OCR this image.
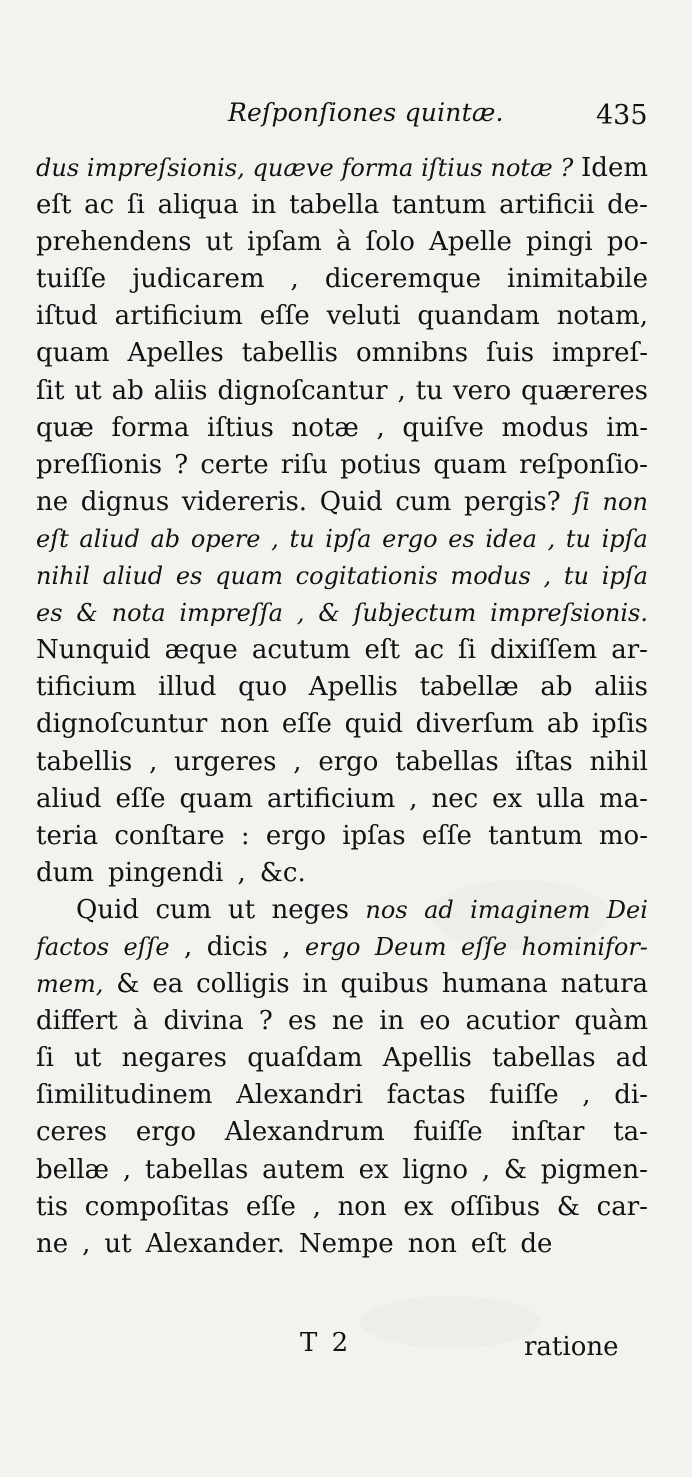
Reſponſiones quintæ.	435
dus impreſsionis, quæve forma iſtius notæ ? Idem
eſt ac ſi aliqua in tabella tantum artificii de-
prehendens ut ipſam à ſolo Apelle pingi po-
tuiſſe judicarem , diceremque inimitabile
iſtud artificium eſſe veluti quandam notam,
quam Apelles tabellis omnibns ſuis impreſ-
ſit ut ab aliis dignoſcantur , tu vero quæreres
quæ forma iſtius notæ , quiſve modus im-
preſſionis ? certe riſu potius quam reſponſio-
ne dignus videreris. Quid cum pergis? ſi non
eſt aliud ab opere , tu ipſa ergo es idea , tu ipſa
nihil aliud es quam cogitationis modus , tu ipſa
es & nota impreſſa , & ſubjectum impreſsionis.
Nunquid æque acutum eſt ac ſi dixiſſem ar-
tificium illud quo Apellis tabellæ ab aliis
dignoſcuntur non eſſe quid diverſum ab ipſis
tabellis , urgeres , ergo tabellas iſtas nihil
aliud eſſe quam artificium , nec ex ulla ma-
teria conſtare : ergo ipſas eſſe tantum mo-
dum pingendi , &c.
Quid cum ut neges nos ad imaginem Dei
factos eſſe , dicis , ergo Deum eſſe hominifor-
mem, & ea colligis in quibus humana natura
differt à divina ? es ne in eo acutior quàm
ſi ut negares quaſdam Apellis tabellas ad
ſimilitudinem Alexandri factas fuiſſe , di-
ceres ergo Alexandrum fuiſſe inſtar ta-
bellæ , tabellas autem ex ligno , & pigmen-
tis compoſitas eſſe , non ex oſſibus & car-
ne , ut Alexander. Nempe non eſt de
T 2	ratione
